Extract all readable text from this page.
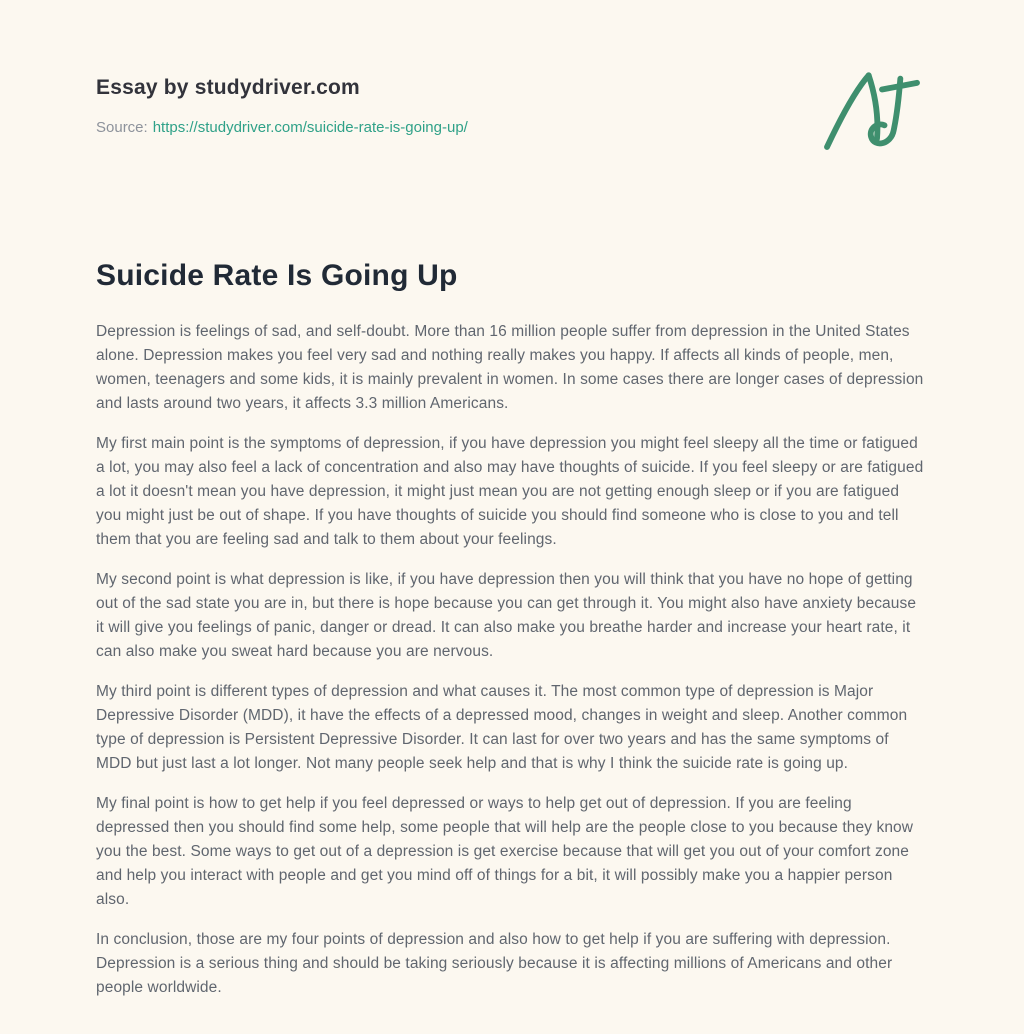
Essay by studydriver.com
Source: https://studydriver.com/suicide-rate-is-going-up/
Suicide Rate Is Going Up

Depression is feelings of sad, and self-doubt. More than 16 million people suffer from depression in the United States alone. Depression makes you feel very sad and nothing really makes you happy. If affects all kinds of people, men, women, teenagers and some kids, it is mainly prevalent in women. In some cases there are longer cases of depression and lasts around two years, it affects 3.3 million Americans.

My first main point is the symptoms of depression, if you have depression you might feel sleepy all the time or fatigued a lot, you may also feel a lack of concentration and also may have thoughts of suicide. If you feel sleepy or are fatigued a lot it doesn't mean you have depression, it might just mean you are not getting enough sleep or if you are fatigued you might just be out of shape. If you have thoughts of suicide you should find someone who is close to you and tell them that you are feeling sad and talk to them about your feelings.

My second point is what depression is like, if you have depression then you will think that you have no hope of getting out of the sad state you are in, but there is hope because you can get through it. You might also have anxiety because it will give you feelings of panic, danger or dread. It can also make you breathe harder and increase your heart rate, it can also make you sweat hard because you are nervous.

My third point is different types of depression and what causes it. The most common type of depression is Major Depressive Disorder (MDD), it have the effects of a depressed mood, changes in weight and sleep. Another common type of depression is Persistent Depressive Disorder. It can last for over two years and has the same symptoms of MDD but just last a lot longer. Not many people seek help and that is why I think the suicide rate is going up.

My final point is how to get help if you feel depressed or ways to help get out of depression. If you are feeling depressed then you should find some help, some people that will help are the people close to you because they know you the best. Some ways to get out of a depression is get exercise because that will get you out of your comfort zone and help you interact with people and get you mind off of things for a bit, it will possibly make you a happier person also.

In conclusion, those are my four points of depression and also how to get help if you are suffering with depression. Depression is a serious thing and should be taking seriously because it is affecting millions of Americans and other people worldwide.
